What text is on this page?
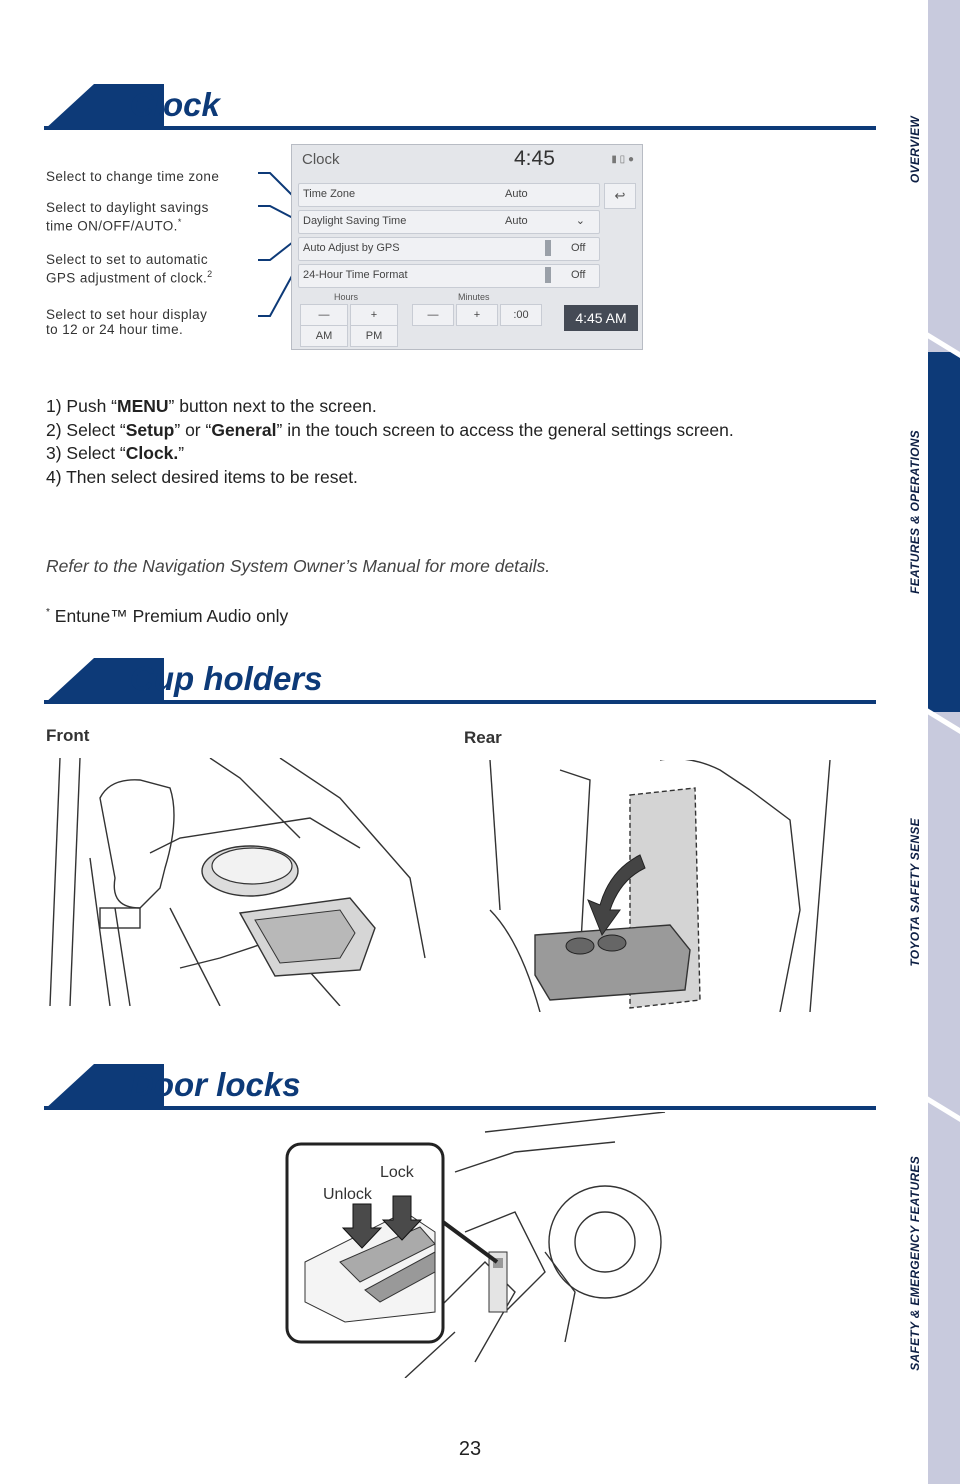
OVERVIEW
FEATURES & OPERATIONS
TOYOTA SAFETY SENSE
SAFETY & EMERGENCY FEATURES
Clock
Select to change time zone
Select to daylight savings
time ON/OFF/AUTO.*
Select to set to automatic
GPS adjustment of clock.$^2$
Select to set hour display
to 12 or 24 hour time.
Clock	4:45	▮ ▯ ●
Time Zone	Auto
Daylight Saving Time	Auto	⌄
Auto Adjust by GPS	Off
24-Hour Time Format	Off
↩
Hours	Minutes
—	+	—	+	:00
AM	PM
4:45 AM
1) Push “MENU” button next to the screen.
2) Select “Setup” or “General” in the touch screen to access the general settings screen.
3) Select “Clock.”
4) Then select desired items to be reset.
Refer to the Navigation System Owner’s Manual for more details.
* Entune™ Premium Audio only
Cup holders
Front	Rear
Door locks
Unlock
Lock
23
